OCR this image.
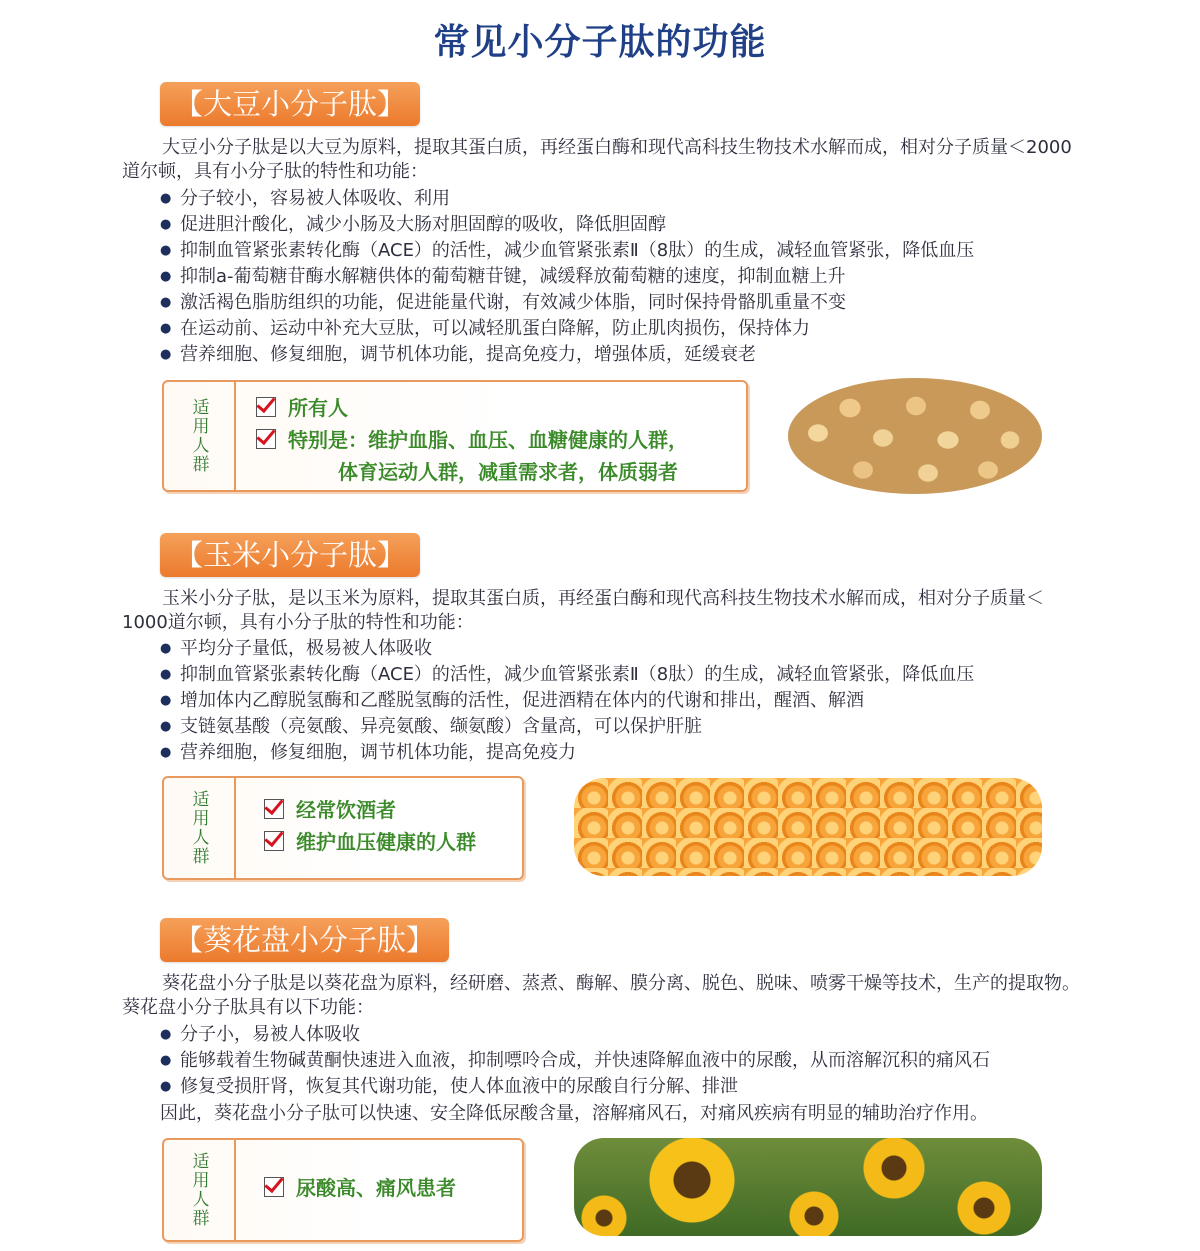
常见小分子肽的功能
【大豆小分子肽】
大豆小分子肽是以大豆为原料，提取其蛋白质，再经蛋白酶和现代高科技生物技术水解而成，相对分子质量＜2000道尔顿，具有小分子肽的特性和功能：
● 分子较小，容易被人体吸收、利用
● 促进胆汁酸化，减少小肠及大肠对胆固醇的吸收，降低胆固醇
● 抑制血管紧张素转化酶（ACE）的活性，减少血管紧张素Ⅱ（8肽）的生成，减轻血管紧张，降低血压
● 抑制a-葡萄糖苷酶水解糖供体的葡萄糖苷键，减缓释放葡萄糖的速度，抑制血糖上升
● 激活褐色脂肪组织的功能，促进能量代谢，有效减少体脂，同时保持骨骼肌重量不变
● 在运动前、运动中补充大豆肽，可以减轻肌蛋白降解，防止肌肉损伤，保持体力
● 营养细胞、修复细胞，调节机体功能，提高免疫力，增强体质，延缓衰老
适用人群	所有人
特别是：维护血脂、血压、血糖健康的人群，
体育运动人群，减重需求者，体质弱者
【玉米小分子肽】
玉米小分子肽，是以玉米为原料，提取其蛋白质，再经蛋白酶和现代高科技生物技术水解而成，相对分子质量＜1000道尔顿，具有小分子肽的特性和功能：
● 平均分子量低，极易被人体吸收
● 抑制血管紧张素转化酶（ACE）的活性，减少血管紧张素Ⅱ（8肽）的生成，减轻血管紧张，降低血压
● 增加体内乙醇脱氢酶和乙醛脱氢酶的活性，促进酒精在体内的代谢和排出，醒酒、解酒
● 支链氨基酸（亮氨酸、异亮氨酸、缬氨酸）含量高，可以保护肝脏
● 营养细胞，修复细胞，调节机体功能，提高免疫力
适用人群	经常饮酒者
维护血压健康的人群
【葵花盘小分子肽】
葵花盘小分子肽是以葵花盘为原料，经研磨、蒸煮、酶解、膜分离、脱色、脱味、喷雾干燥等技术，生产的提取物。葵花盘小分子肽具有以下功能：
● 分子小，易被人体吸收
● 能够载着生物碱黄酮快速进入血液，抑制嘌呤合成，并快速降解血液中的尿酸，从而溶解沉积的痛风石
● 修复受损肝肾，恢复其代谢功能，使人体血液中的尿酸自行分解、排泄
因此，葵花盘小分子肽可以快速、安全降低尿酸含量，溶解痛风石，对痛风疾病有明显的辅助治疗作用。
适用人群	尿酸高、痛风患者
